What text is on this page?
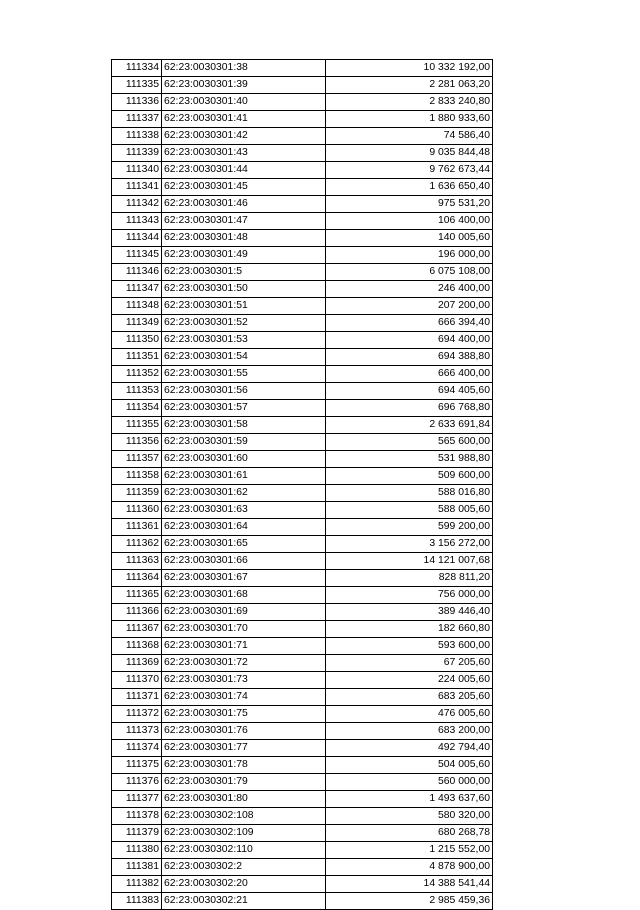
111334	62:23:0030301:38	10 332 192,00
111335	62:23:0030301:39	2 281 063,20
111336	62:23:0030301:40	2 833 240,80
111337	62:23:0030301:41	1 880 933,60
111338	62:23:0030301:42	74 586,40
111339	62:23:0030301:43	9 035 844,48
111340	62:23:0030301:44	9 762 673,44
111341	62:23:0030301:45	1 636 650,40
111342	62:23:0030301:46	975 531,20
111343	62:23:0030301:47	106 400,00
111344	62:23:0030301:48	140 005,60
111345	62:23:0030301:49	196 000,00
111346	62:23:0030301:5	6 075 108,00
111347	62:23:0030301:50	246 400,00
111348	62:23:0030301:51	207 200,00
111349	62:23:0030301:52	666 394,40
111350	62:23:0030301:53	694 400,00
111351	62:23:0030301:54	694 388,80
111352	62:23:0030301:55	666 400,00
111353	62:23:0030301:56	694 405,60
111354	62:23:0030301:57	696 768,80
111355	62:23:0030301:58	2 633 691,84
111356	62:23:0030301:59	565 600,00
111357	62:23:0030301:60	531 988,80
111358	62:23:0030301:61	509 600,00
111359	62:23:0030301:62	588 016,80
111360	62:23:0030301:63	588 005,60
111361	62:23:0030301:64	599 200,00
111362	62:23:0030301:65	3 156 272,00
111363	62:23:0030301:66	14 121 007,68
111364	62:23:0030301:67	828 811,20
111365	62:23:0030301:68	756 000,00
111366	62:23:0030301:69	389 446,40
111367	62:23:0030301:70	182 660,80
111368	62:23:0030301:71	593 600,00
111369	62:23:0030301:72	67 205,60
111370	62:23:0030301:73	224 005,60
111371	62:23:0030301:74	683 205,60
111372	62:23:0030301:75	476 005,60
111373	62:23:0030301:76	683 200,00
111374	62:23:0030301:77	492 794,40
111375	62:23:0030301:78	504 005,60
111376	62:23:0030301:79	560 000,00
111377	62:23:0030301:80	1 493 637,60
111378	62:23:0030302:108	580 320,00
111379	62:23:0030302:109	680 268,78
111380	62:23:0030302:110	1 215 552,00
111381	62:23:0030302:2	4 878 900,00
111382	62:23:0030302:20	14 388 541,44
111383	62:23:0030302:21	2 985 459,36
